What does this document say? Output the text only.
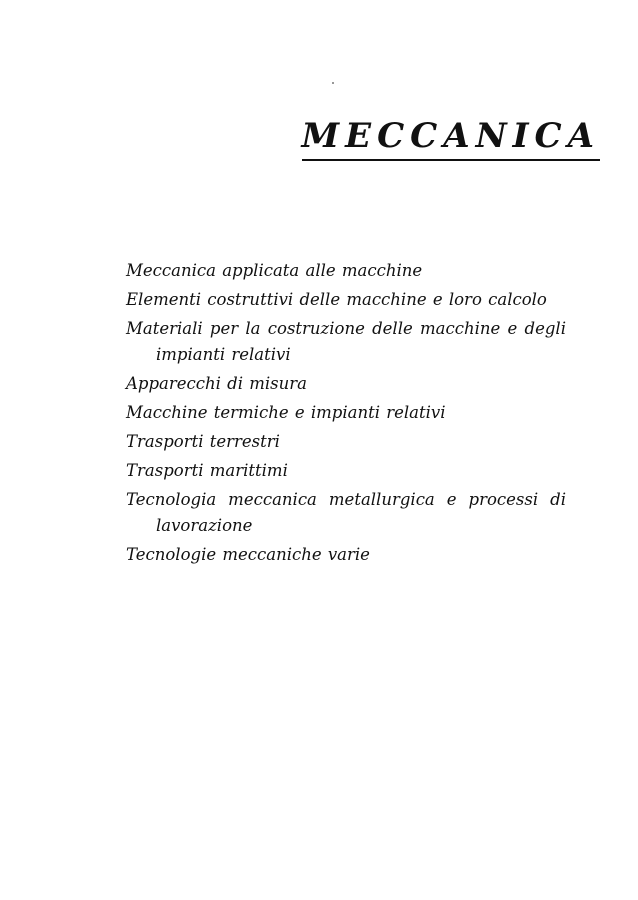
MECCANICA
Meccanica applicata alle macchine
Elementi costruttivi delle macchine e loro calcolo
Materiali per la costruzione delle macchine e degli impianti relativi
Apparecchi di misura
Macchine termiche e impianti relativi
Trasporti terrestri
Trasporti marittimi
Tecnologia meccanica metallurgica e processi di lavorazione
Tecnologie meccaniche varie
